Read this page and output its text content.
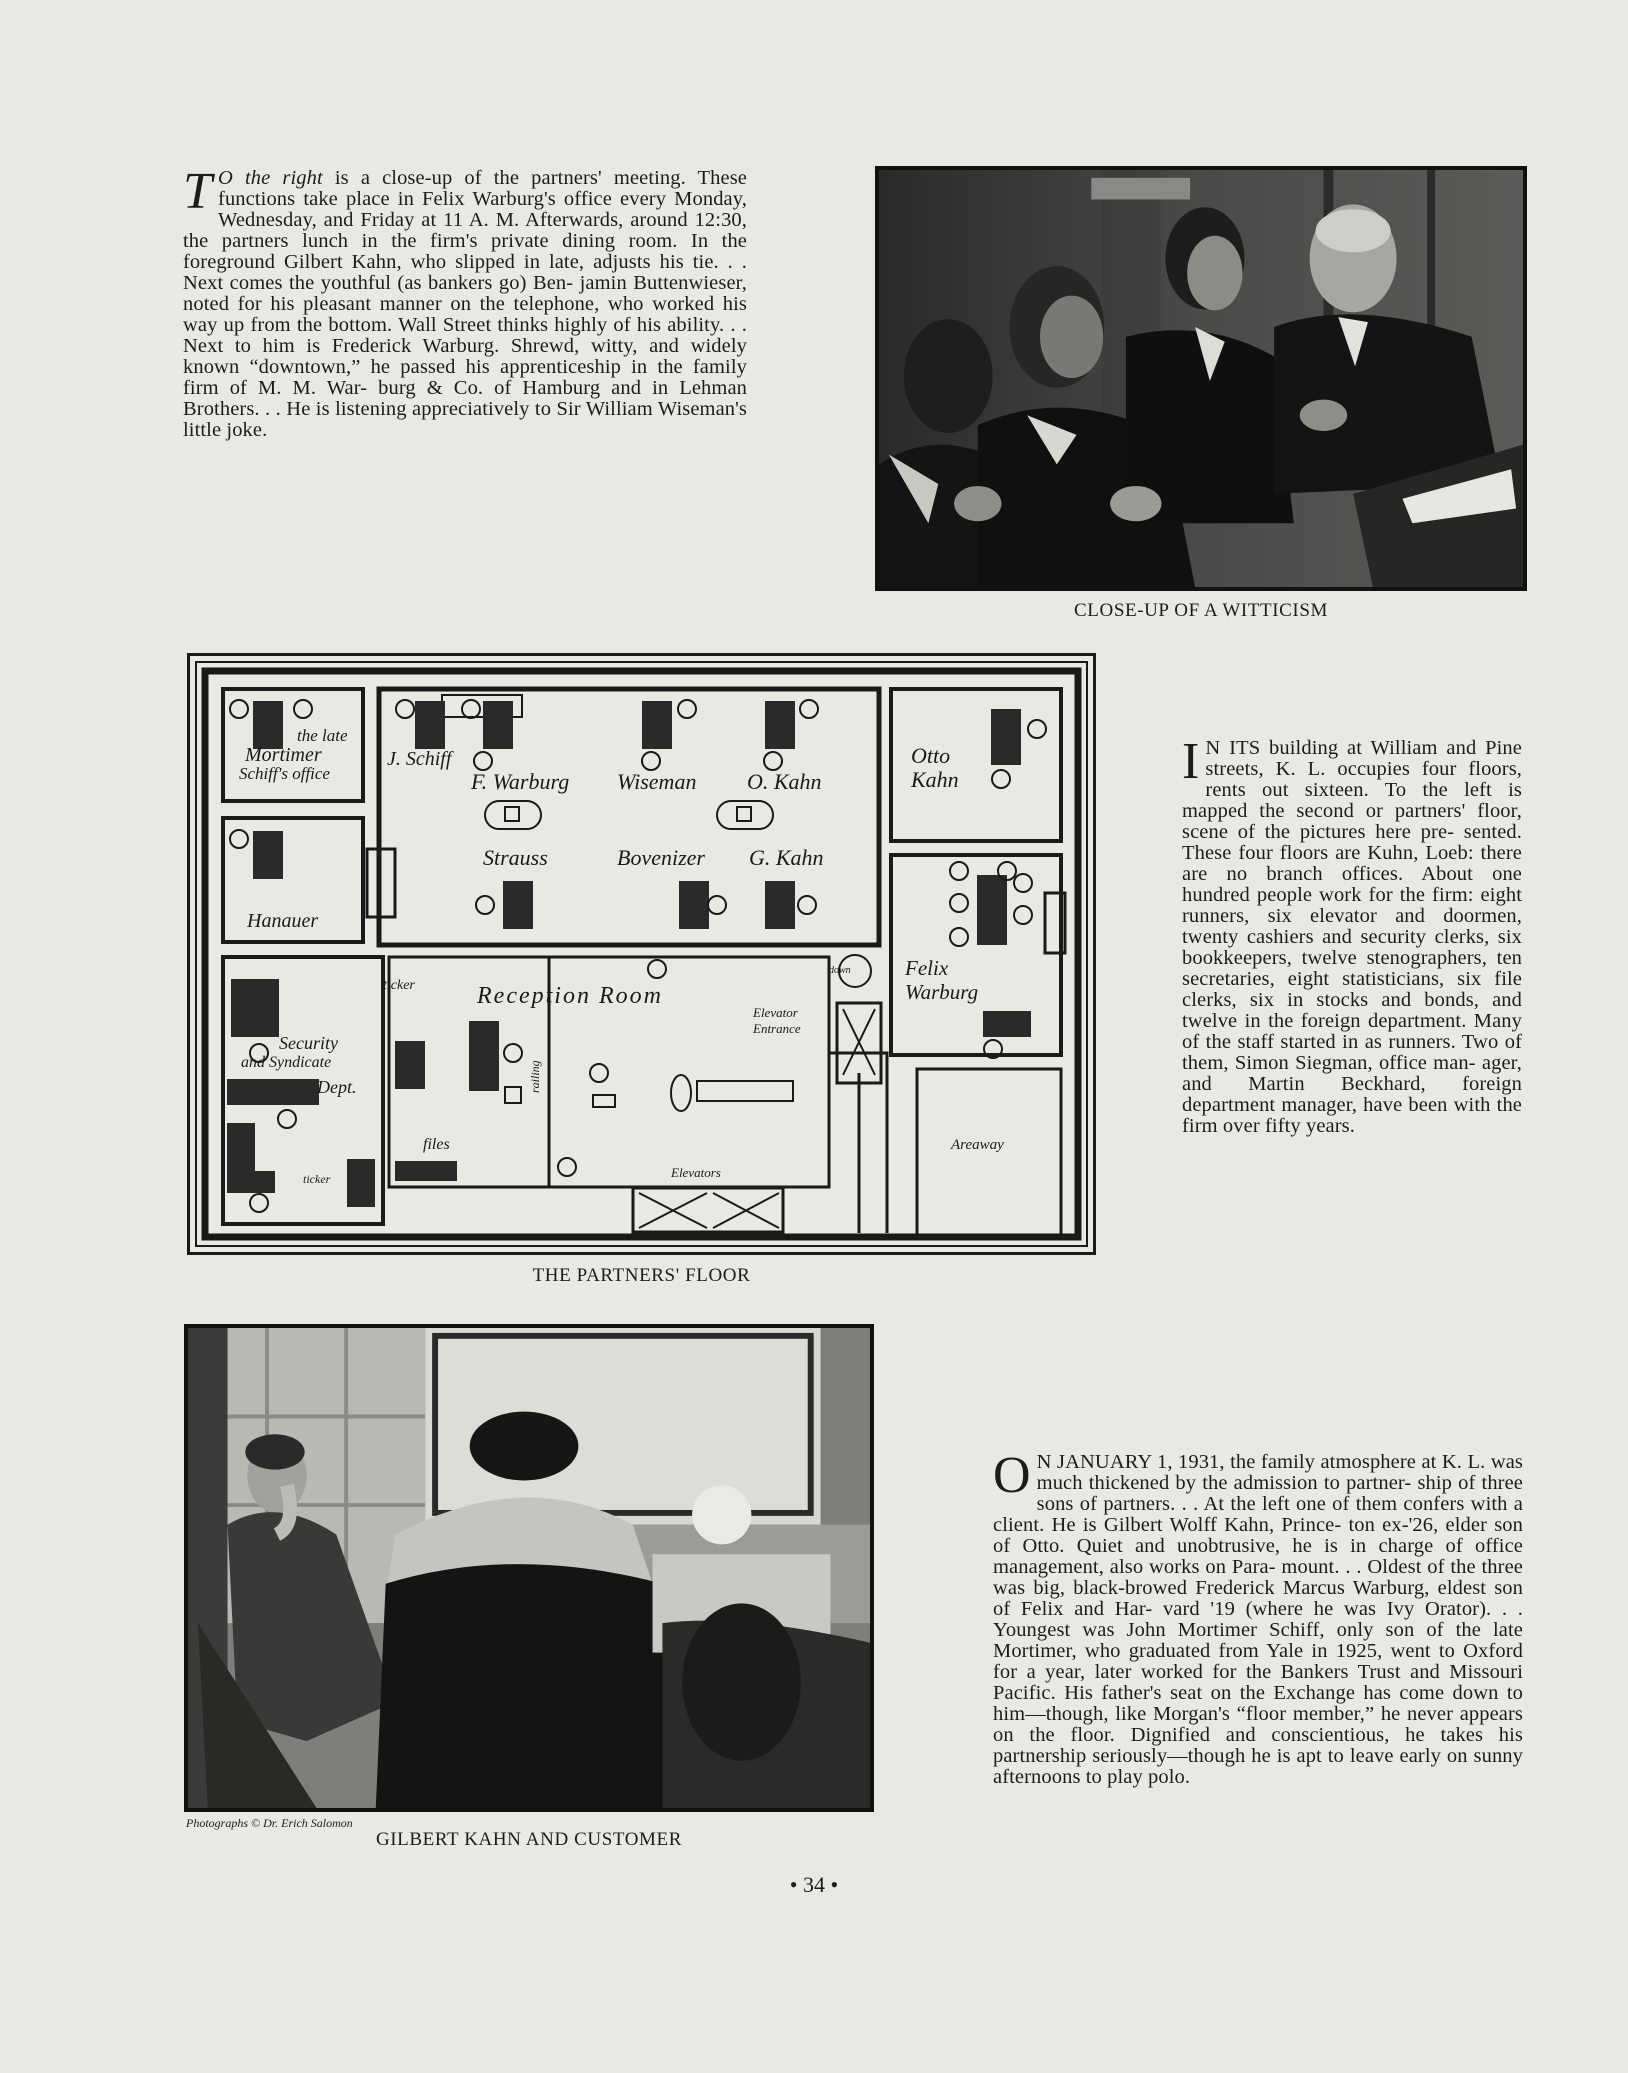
T O the right is a close-up of the partners' meeting. These functions take place in Felix Warburg's office every Monday, Wednesday, and Friday at 11 A. M. Afterwards, around 12:30, the partners lunch in the firm's private dining room. In the foreground Gilbert Kahn, who slipped in late, adjusts his tie. . . Next comes the youthful (as bankers go) Ben- jamin Buttenwieser, noted for his pleasant manner on the telephone, who worked his way up from the bottom. Wall Street thinks highly of his ability. . . Next to him is Frederick Warburg. Shrewd, witty, and widely known “downtown,” he passed his apprenticeship in the family firm of M. M. War- burg & Co. of Hamburg and in Lehman Brothers. . . He is listening appreciatively to Sir William Wiseman's little joke.

CLOSE-UP OF A WITTICISM
the late
Mortimer
Schiff's office
J. Schiff
F. Warburg Wiseman O. Kahn
Otto
Kahn
Strauss	Bovenizer G. Kahn
Hanauer
ticker	Reception Room
Elevator
Entrance
down	Felix
Warburg
Security
and Syndicate
Dept.	railing
files
Elevators
Areaway
ticker
THE PARTNERS' FLOOR
I N ITS building at William and Pine streets, K. L. occupies four floors, rents out sixteen. To the left is mapped the second or partners' floor, scene of the pictures here pre- sented. These four floors are Kuhn, Loeb: there are no branch offices. About one hundred people work for the firm: eight runners, six elevator and doormen, twenty cashiers and security clerks, six bookkeepers, twelve stenographers, ten secretaries, eight statisticians, six file clerks, six in stocks and bonds, and twelve in the foreign department. Many of the staff started in as runners. Two of them, Simon Siegman, office man- ager, and Martin Beckhard, foreign department manager, have been with the firm over fifty years.

Photographs © Dr. Erich Salomon
GILBERT KAHN AND CUSTOMER
O N JANUARY 1, 1931, the family atmosphere at K. L. was much thickened by the admission to partner- ship of three sons of partners. . . At the left one of them confers with a client. He is Gilbert Wolff Kahn, Prince- ton ex-'26, elder son of Otto. Quiet and unobtrusive, he is in charge of office management, also works on Para- mount. . . Oldest of the three was big, black-browed Frederick Marcus Warburg, eldest son of Felix and Har- vard '19 (where he was Ivy Orator). . . Youngest was John Mortimer Schiff, only son of the late Mortimer, who graduated from Yale in 1925, went to Oxford for a year, later worked for the Bankers Trust and Missouri Pacific. His father's seat on the Exchange has come down to him—though, like Morgan's “floor member,” he never appears on the floor. Dignified and conscientious, he takes his partnership seriously—though he is apt to leave early on sunny afternoons to play polo.

• 34 •
